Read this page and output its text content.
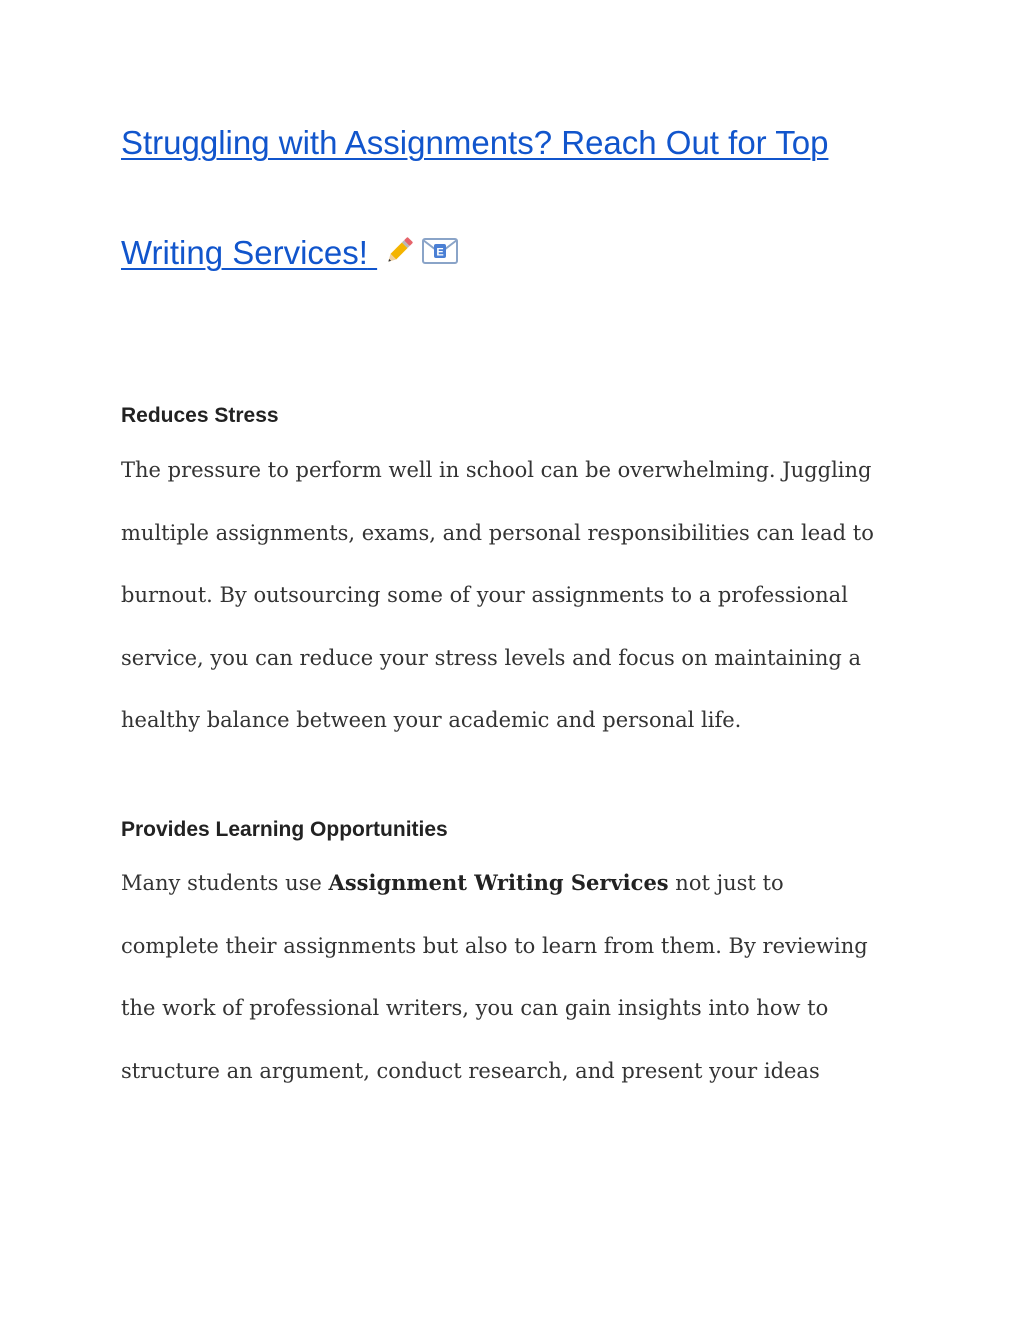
Struggling with Assignments? Reach Out for Top
Writing Services!	E
Reduces Stress

The pressure to perform well in school can be overwhelming. Juggling
multiple assignments, exams, and personal responsibilities can lead to
burnout. By outsourcing some of your assignments to a professional
service, you can reduce your stress levels and focus on maintaining a
healthy balance between your academic and personal life.

Provides Learning Opportunities

Many students use Assignment Writing Services not just to
complete their assignments but also to learn from them. By reviewing
the work of professional writers, you can gain insights into how to
structure an argument, conduct research, and present your ideas
